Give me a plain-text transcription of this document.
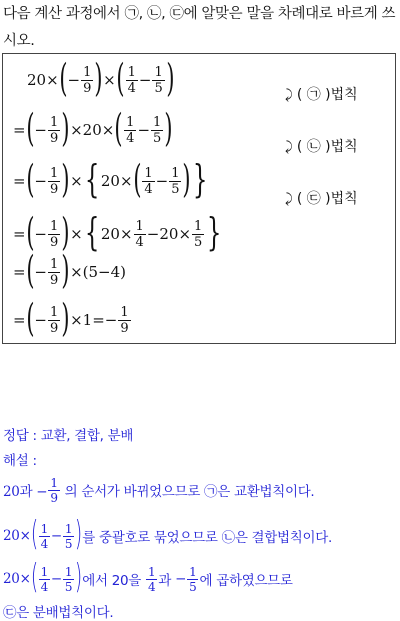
다음 계산 과정에서 ㉠, ㉡, ㉢에 알맞은 말을 차례대로 바르게 쓰
시오.
20× ( − $\frac{1}{9}$ ) × ( $\frac{1}{4} - \frac{1}{5}$ )
= ( − $\frac{1}{9}$ ) ×20× ( $\frac{1}{4} - \frac{1}{5}$ )
= ( − $\frac{1}{9}$ ) × { 20× ( $\frac{1}{4} - \frac{1}{5}$ ) }
= ( − $\frac{1}{9}$ ) × { $20\times \frac{1}{4} -20\times \frac{1}{5}$ }
= ( − $\frac{1}{9}$ ) ×(5−4)
= ( − $\frac{1}{9}$ ) $\times 1=- \frac{1}{9}$
⤸ ( ㉠ )법칙
⤸ ( ㉡ )법칙
⤸ ( ㉢ )법칙
정답 : 교환, 결합, 분배
해설 :
20과 − $\frac{1}{9}$
의 순서가 바뀌었으므로 ㉠은 교환법칙이다.
20× ( $\frac{1}{4} - \frac{1}{5}$ ) 를 중괄호로 묶었으므로 ㉡은 결합법칙이다.
20× ( $\frac{1}{4} - \frac{1}{5}$ ) 에서 20을
$\frac{1}{4}$ 과
− $\frac{1}{5}$ 에 곱하였으므로
㉢은 분배법칙이다.
